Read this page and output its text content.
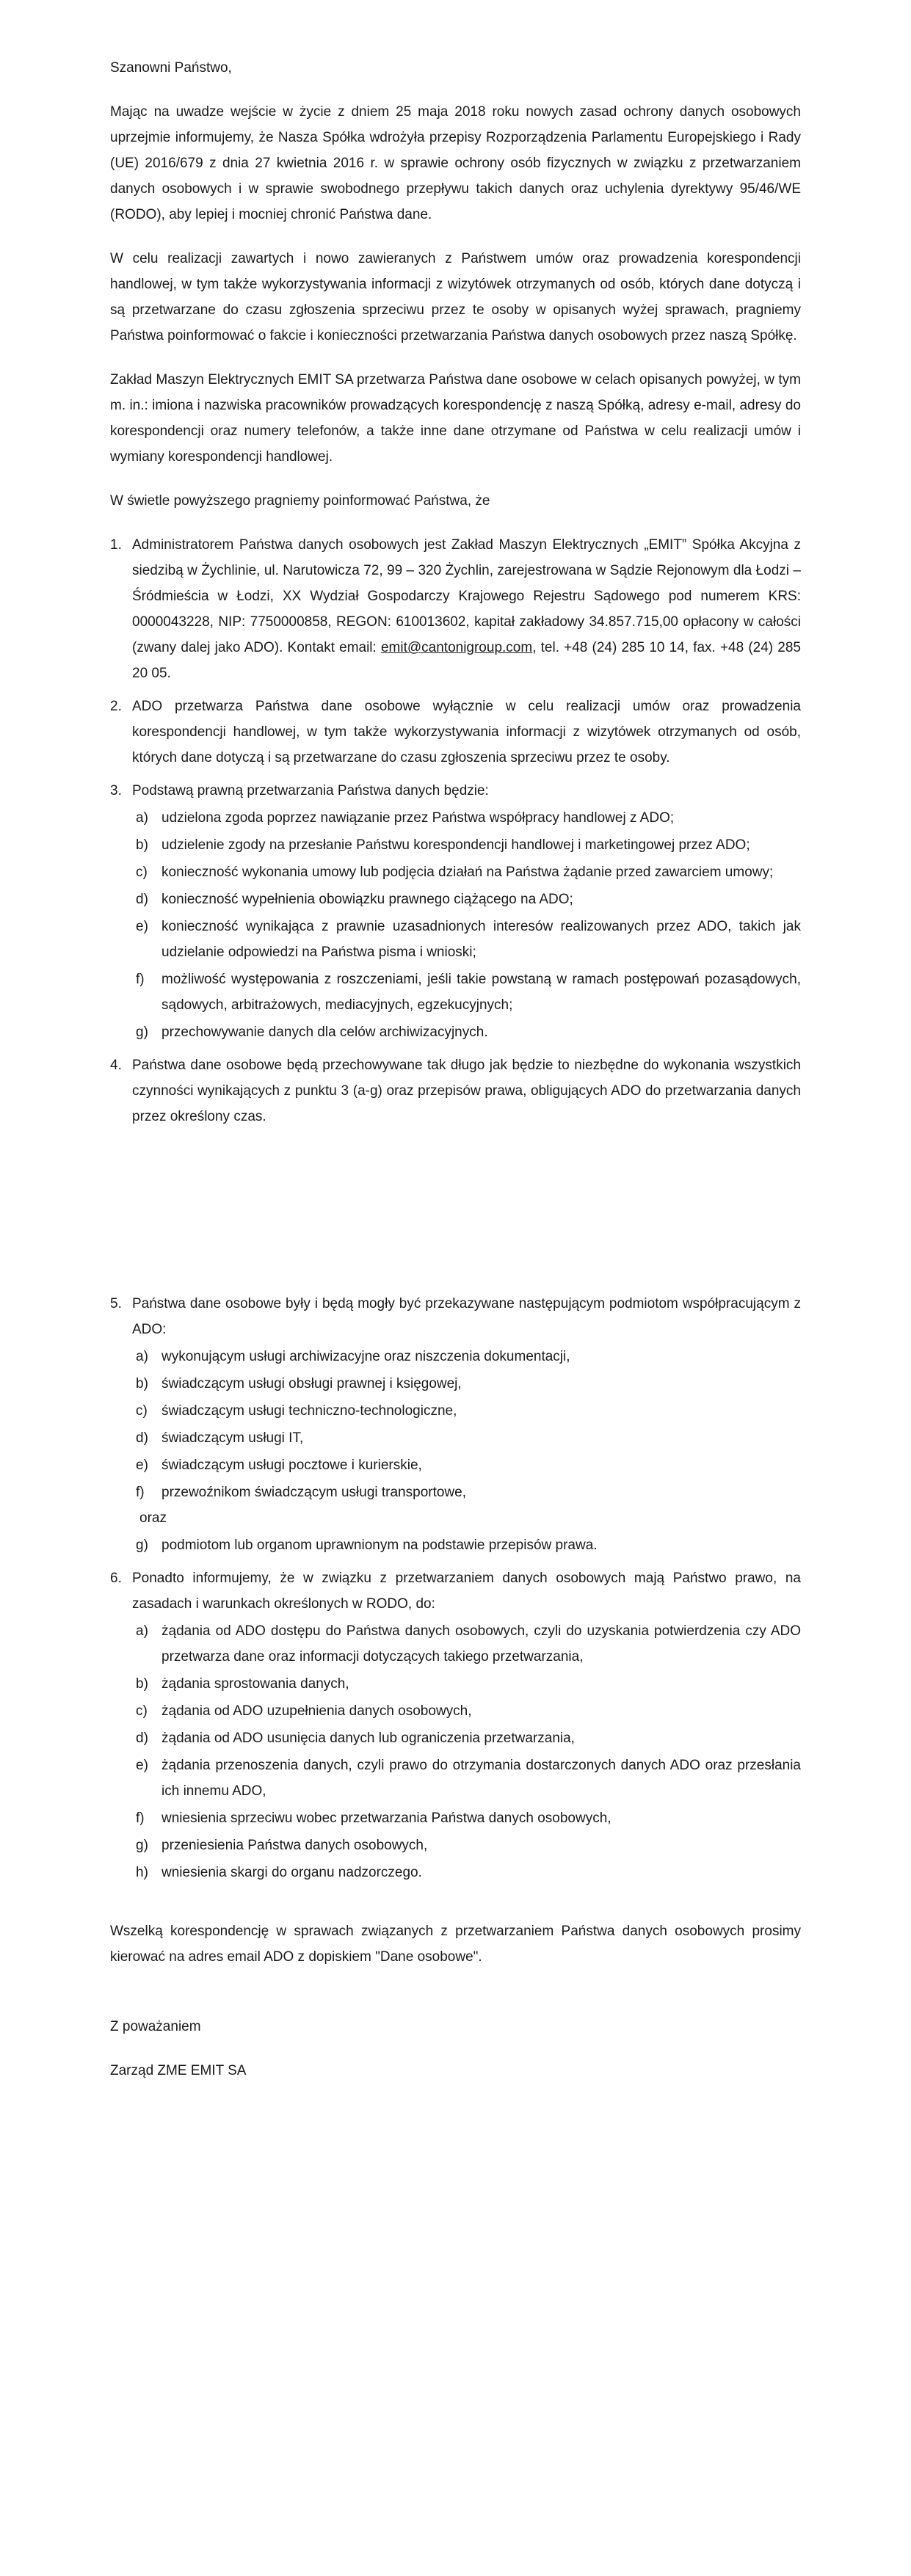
Szanowni Państwo,

Mając na uwadze wejście w życie z dniem 25 maja 2018 roku nowych zasad ochrony danych osobowych uprzejmie informujemy, że Nasza Spółka wdrożyła przepisy Rozporządzenia Parlamentu Europejskiego i Rady (UE) 2016/679 z dnia 27 kwietnia 2016 r. w sprawie ochrony osób fizycznych w związku z przetwarzaniem danych osobowych i w sprawie swobodnego przepływu takich danych oraz uchylenia dyrektywy 95/46/WE (RODO), aby lepiej i mocniej chronić Państwa dane.

W celu realizacji zawartych i nowo zawieranych z Państwem umów oraz prowadzenia korespondencji handlowej, w tym także wykorzystywania informacji z wizytówek otrzymanych od osób, których dane dotyczą i są przetwarzane do czasu zgłoszenia sprzeciwu przez te osoby w opisanych wyżej sprawach, pragniemy Państwa poinformować o fakcie i konieczności przetwarzania Państwa danych osobowych przez naszą Spółkę.

Zakład Maszyn Elektrycznych EMIT SA przetwarza Państwa dane osobowe w celach opisanych powyżej, w tym m. in.: imiona i nazwiska pracowników prowadzących korespondencję z naszą Spółką, adresy e-mail, adresy do korespondencji oraz numery telefonów, a także inne dane otrzymane od Państwa w celu realizacji umów i wymiany korespondencji handlowej.

W świetle powyższego pragniemy poinformować Państwa, że

1. Administratorem Państwa danych osobowych jest Zakład Maszyn Elektrycznych „EMIT” Spółka Akcyjna z siedzibą w Żychlinie, ul. Narutowicza 72, 99 – 320 Żychlin, zarejestrowana w Sądzie Rejonowym dla Łodzi – Śródmieścia w Łodzi, XX Wydział Gospodarczy Krajowego Rejestru Sądowego pod numerem KRS: 0000043228, NIP: 7750000858, REGON: 610013602, kapitał zakładowy 34.857.715,00 opłacony w całości (zwany dalej jako ADO). Kontakt email: emit@cantonigroup.com, tel. +48 (24) 285 10 14, fax. +48 (24) 285 20 05.
2. ADO przetwarza Państwa dane osobowe wyłącznie w celu realizacji umów oraz prowadzenia korespondencji handlowej, w tym także wykorzystywania informacji z wizytówek otrzymanych od osób, których dane dotyczą i są przetwarzane do czasu zgłoszenia sprzeciwu przez te osoby.
3. Podstawą prawną przetwarzania Państwa danych będzie:
a) udzielona zgoda poprzez nawiązanie przez Państwa współpracy handlowej z ADO;
b) udzielenie zgody na przesłanie Państwu korespondencji handlowej i marketingowej przez ADO;
c) konieczność wykonania umowy lub podjęcia działań na Państwa żądanie przed zawarciem umowy;
d) konieczność wypełnienia obowiązku prawnego ciążącego na ADO;
e) konieczność wynikająca z prawnie uzasadnionych interesów realizowanych przez ADO, takich jak udzielanie odpowiedzi na Państwa pisma i wnioski;
f) możliwość występowania z roszczeniami, jeśli takie powstaną w ramach postępowań pozasądowych, sądowych, arbitrażowych, mediacyjnych, egzekucyjnych;
g) przechowywanie danych dla celów archiwizacyjnych.
4. Państwa dane osobowe będą przechowywane tak długo jak będzie to niezbędne do wykonania wszystkich czynności wynikających z punktu 3 (a-g) oraz przepisów prawa, obligujących ADO do przetwarzania danych przez określony czas.
5. Państwa dane osobowe były i będą mogły być przekazywane następującym podmiotom współpracującym z ADO:
a) wykonującym usługi archiwizacyjne oraz niszczenia dokumentacji,
b) świadczącym usługi obsługi prawnej i księgowej,
c) świadczącym usługi techniczno-technologiczne,
d) świadczącym usługi IT,
e) świadczącym usługi pocztowe i kurierskie,
f) przewoźnikom świadczącym usługi transportowe,
oraz
g) podmiotom lub organom uprawnionym na podstawie przepisów prawa.
6. Ponadto informujemy, że w związku z przetwarzaniem danych osobowych mają Państwo prawo, na zasadach i warunkach określonych w RODO, do:
a) żądania od ADO dostępu do Państwa danych osobowych, czyli do uzyskania potwierdzenia czy ADO przetwarza dane oraz informacji dotyczących takiego przetwarzania,
b) żądania sprostowania danych,
c) żądania od ADO uzupełnienia danych osobowych,
d) żądania od ADO usunięcia danych lub ograniczenia przetwarzania,
e) żądania przenoszenia danych, czyli prawo do otrzymania dostarczonych danych ADO oraz przesłania ich innemu ADO,
f) wniesienia sprzeciwu wobec przetwarzania Państwa danych osobowych,
g) przeniesienia Państwa danych osobowych,
h) wniesienia skargi do organu nadzorczego.

Wszelką korespondencję w sprawach związanych z przetwarzaniem Państwa danych osobowych prosimy kierować na adres email ADO z dopiskiem "Dane osobowe".

Z poważaniem

Zarząd ZME EMIT SA
